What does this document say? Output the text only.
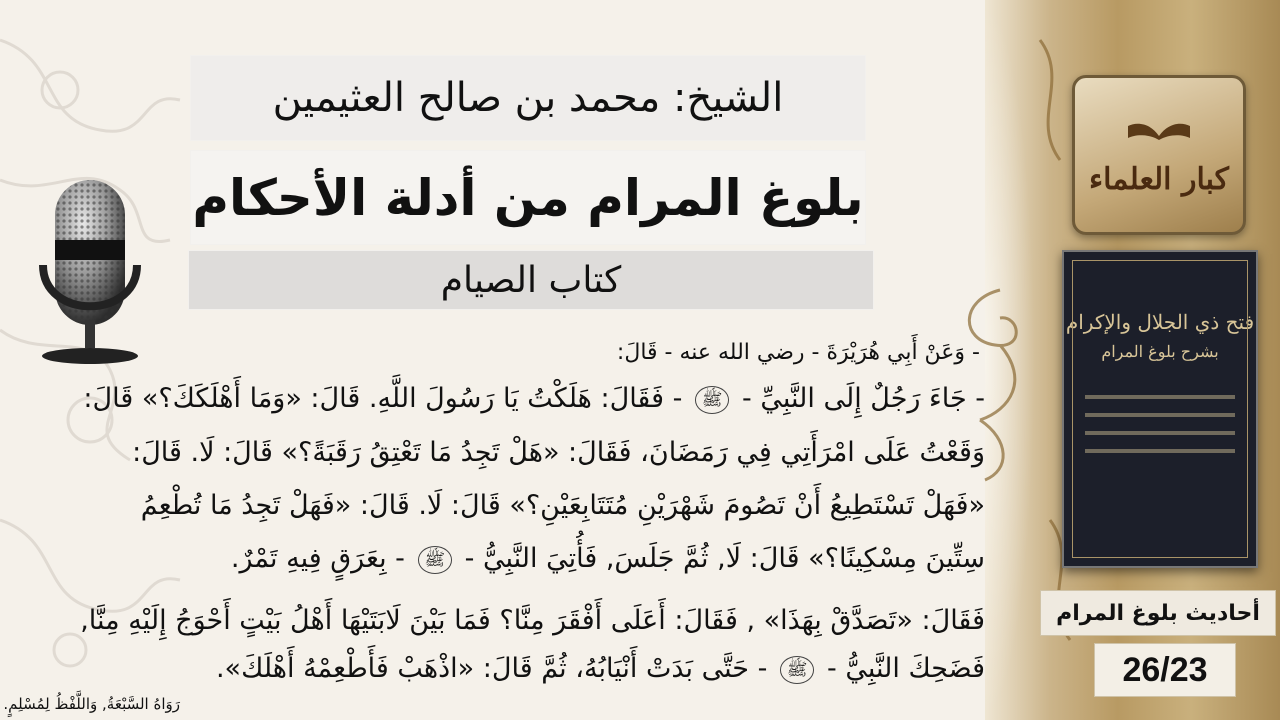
الشيخ: محمد بن صالح العثيمين
بلوغ المرام من أدلة الأحكام
كتاب الصيام
- وَعَنْ أَبِي هُرَيْرَةَ - رضي الله عنه - قَالَ:
- جَاءَ رَجُلٌ إِلَى النَّبِيِّ - ﷺ - فَقَالَ: هَلَكْتُ يَا رَسُولَ اللَّهِ. قَالَ: «وَمَا أَهْلَكَكَ؟» قَالَ:
وَقَعْتُ عَلَى امْرَأَتِي فِي رَمَضَانَ، فَقَالَ: «هَلْ تَجِدُ مَا تَعْتِقُ رَقَبَةً؟» قَالَ: لَا. قَالَ:
«فَهَلْ تَسْتَطِيعُ أَنْ تَصُومَ شَهْرَيْنِ مُتَتَابِعَيْنِ؟» قَالَ: لَا. قَالَ: «فَهَلْ تَجِدُ مَا تُطْعِمُ
سِتِّينَ مِسْكِينًا؟» قَالَ: لَا, ثُمَّ جَلَسَ, فَأُتِيَ النَّبِيُّ - ﷺ - بِعَرَقٍ فِيهِ تَمْرٌ.
فَقَالَ: «تَصَدَّقْ بِهَذَا» , فَقَالَ: أَعَلَى أَفْقَرَ مِنَّا؟ فَمَا بَيْنَ لَابَتَيْهَا أَهْلُ بَيْتٍ أَحْوَجُ إِلَيْهِ مِنَّا,
فَضَحِكَ النَّبِيُّ - ﷺ - حَتَّى بَدَتْ أَنْيَابُهُ، ثُمَّ قَالَ: «اذْهَبْ فَأَطْعِمْهُ أَهْلَكَ».
رَوَاهُ السَّبْعَةُ, وَاللَّفْظُ لِمُسْلِمٍ.
كبار العلماء
فتح ذي الجلال والإكرام
بشرح بلوغ المرام
أحاديث بلوغ المرام
26/23
